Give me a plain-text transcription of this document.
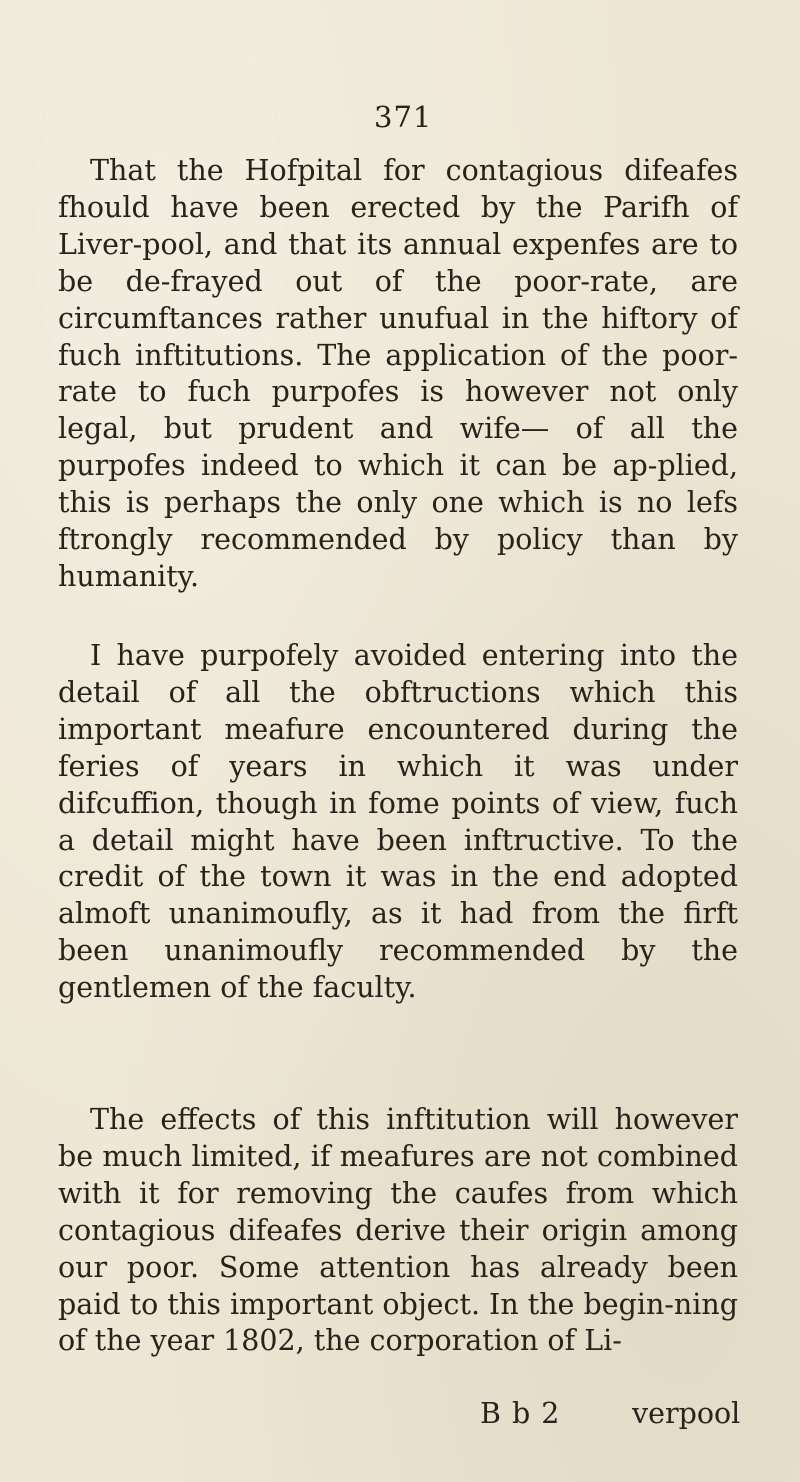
371

That the Hofpital for contagious difeafes fhould have been erected by the Parifh of Liver-pool, and that its annual expenfes are to be de-frayed out of the poor-rate, are circumftances rather unufual in the hiftory of fuch inftitutions. The application of the poor-rate to fuch purpofes is however not only legal, but prudent and wife— of all the purpofes indeed to which it can be ap-plied, this is perhaps the only one which is no lefs ftrongly recommended by policy than by humanity.

I have purpofely avoided entering into the detail of all the obftructions which this important meafure encountered during the feries of years in which it was under difcuffion, though in fome points of view, fuch a detail might have been inftructive. To the credit of the town it was in the end adopted almoft unanimoufly, as it had from the firft been unanimoufly recommended by the gentlemen of the faculty.

The effects of this inftitution will however be much limited, if meafures are not combined with it for removing the caufes from which contagious difeafes derive their origin among our poor. Some attention has already been paid to this important object. In the begin-ning of the year 1802, the corporation of Li-

B b 2	verpool
